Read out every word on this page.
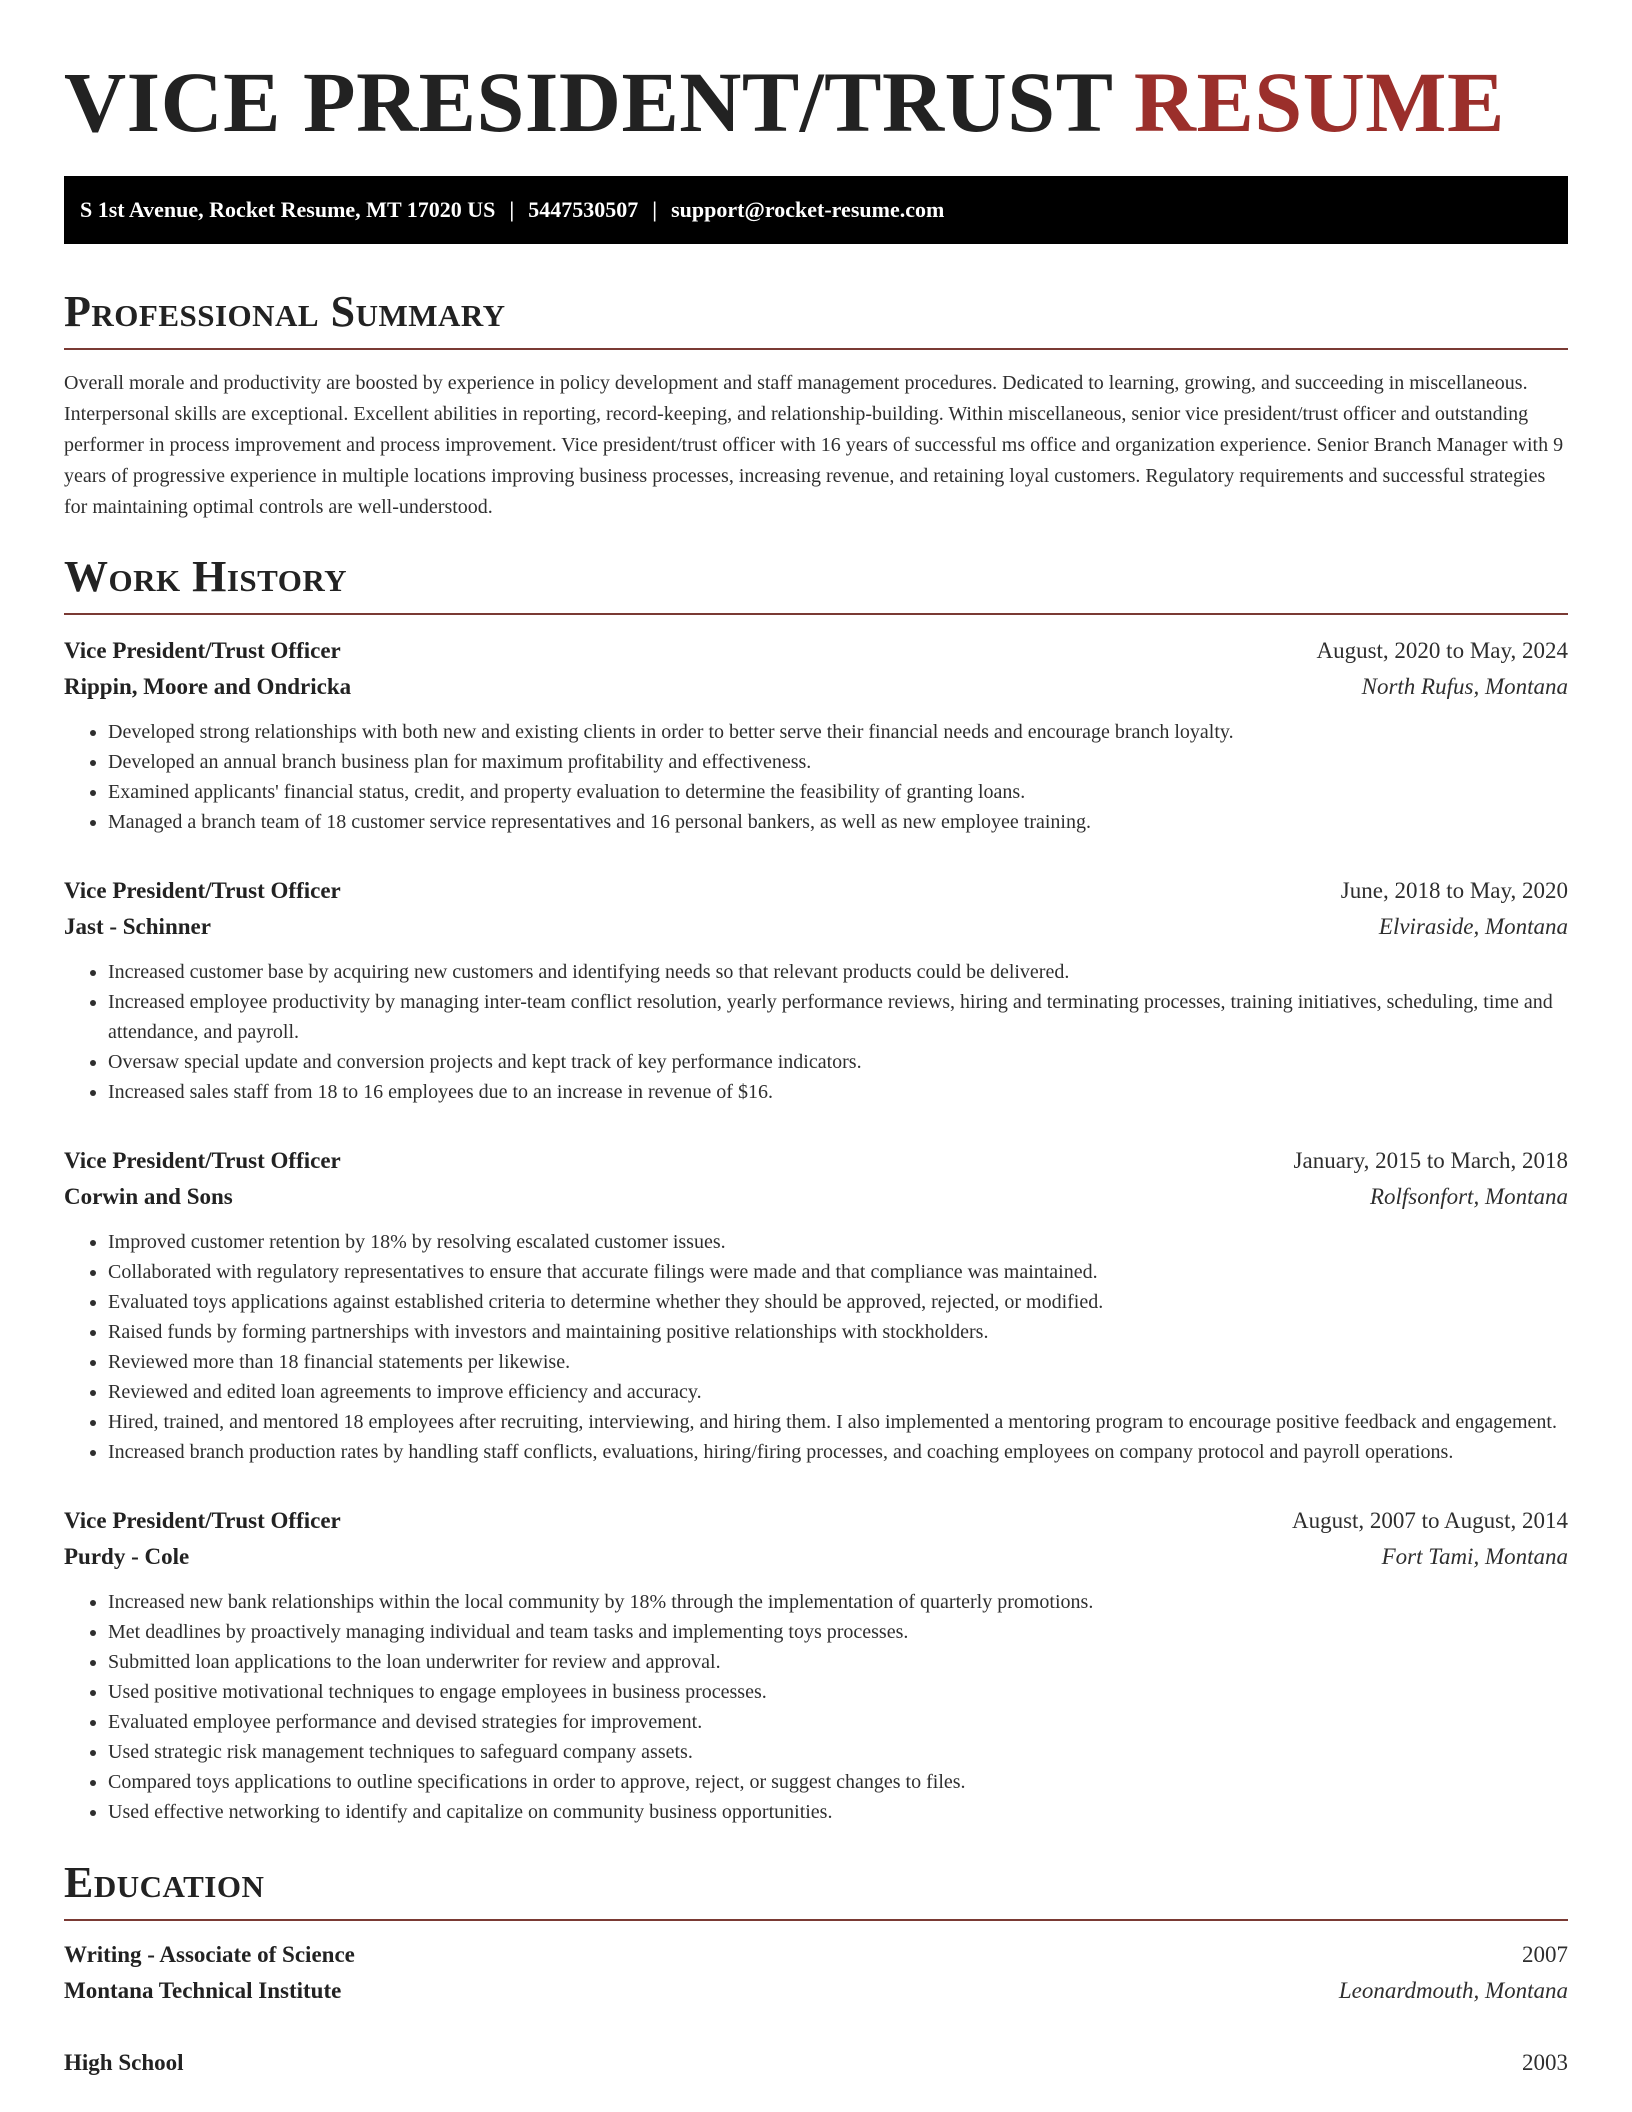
VICE PRESIDENT/TRUST RESUME
S 1st Avenue, Rocket Resume, MT 17020 US | 5447530507 | support@rocket-resume.com
Professional Summary

Overall morale and productivity are boosted by experience in policy development and staff management procedures. Dedicated to learning, growing, and succeeding in miscellaneous. Interpersonal skills are exceptional. Excellent abilities in reporting, record-keeping, and relationship-building. Within miscellaneous, senior vice president/trust officer and outstanding performer in process improvement and process improvement. Vice president/trust officer with 16 years of successful ms office and organization experience. Senior Branch Manager with 9 years of progressive experience in multiple locations improving business processes, increasing revenue, and retaining loyal customers. Regulatory requirements and successful strategies for maintaining optimal controls are well-understood.

Work History
Vice President/Trust Officer	August, 2020 to May, 2024
Rippin, Moore and Ondricka	North Rufus, Montana
• Developed strong relationships with both new and existing clients in order to better serve their financial needs and encourage branch loyalty.
• Developed an annual branch business plan for maximum profitability and effectiveness.
• Examined applicants' financial status, credit, and property evaluation to determine the feasibility of granting loans.
• Managed a branch team of 18 customer service representatives and 16 personal bankers, as well as new employee training.
Vice President/Trust Officer	June, 2018 to May, 2020
Jast - Schinner	Elviraside, Montana
• Increased customer base by acquiring new customers and identifying needs so that relevant products could be delivered.
• Increased employee productivity by managing inter-team conflict resolution, yearly performance reviews, hiring and terminating processes, training initiatives, scheduling, time and attendance, and payroll.
• Oversaw special update and conversion projects and kept track of key performance indicators.
• Increased sales staff from 18 to 16 employees due to an increase in revenue of $16.
Vice President/Trust Officer	January, 2015 to March, 2018
Corwin and Sons	Rolfsonfort, Montana
• Improved customer retention by 18% by resolving escalated customer issues.
• Collaborated with regulatory representatives to ensure that accurate filings were made and that compliance was maintained.
• Evaluated toys applications against established criteria to determine whether they should be approved, rejected, or modified.
• Raised funds by forming partnerships with investors and maintaining positive relationships with stockholders.
• Reviewed more than 18 financial statements per likewise.
• Reviewed and edited loan agreements to improve efficiency and accuracy.
• Hired, trained, and mentored 18 employees after recruiting, interviewing, and hiring them. I also implemented a mentoring program to encourage positive feedback and engagement.
• Increased branch production rates by handling staff conflicts, evaluations, hiring/firing processes, and coaching employees on company protocol and payroll operations.
Vice President/Trust Officer	August, 2007 to August, 2014
Purdy - Cole	Fort Tami, Montana
• Increased new bank relationships within the local community by 18% through the implementation of quarterly promotions.
• Met deadlines by proactively managing individual and team tasks and implementing toys processes.
• Submitted loan applications to the loan underwriter for review and approval.
• Used positive motivational techniques to engage employees in business processes.
• Evaluated employee performance and devised strategies for improvement.
• Used strategic risk management techniques to safeguard company assets.
• Compared toys applications to outline specifications in order to approve, reject, or suggest changes to files.
• Used effective networking to identify and capitalize on community business opportunities.
Education
Writing - Associate of Science	2007
Montana Technical Institute	Leonardmouth, Montana
High School	2003
